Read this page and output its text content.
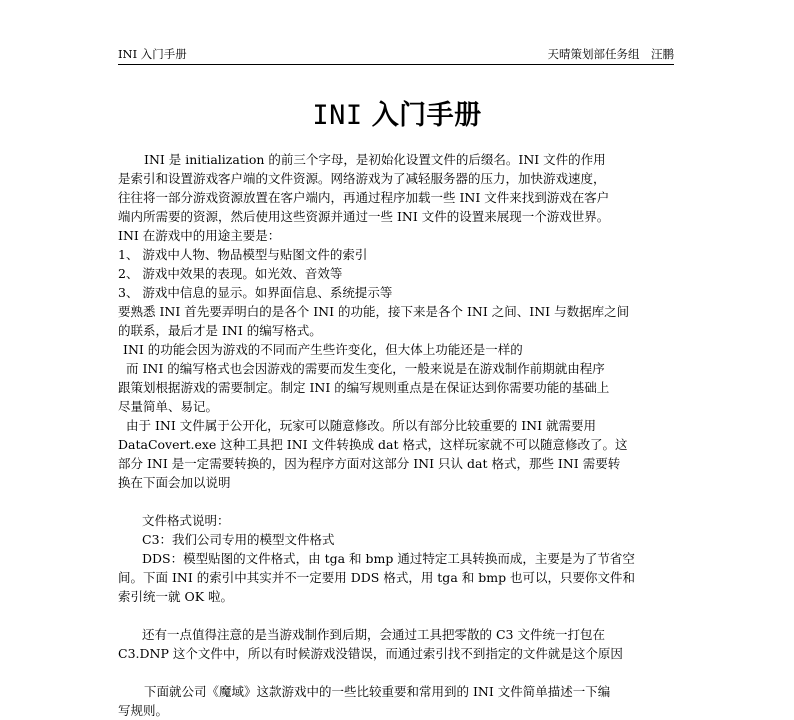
INI 入门手册	天晴策划部任务组　汪鹏
INI 入门手册
INI 是 initialization 的前三个字母，是初始化设置文件的后缀名。INI 文件的作用
是索引和设置游戏客户端的文件资源。网络游戏为了减轻服务器的压力，加快游戏速度，
往往将一部分游戏资源放置在客户端内，再通过程序加载一些 INI 文件来找到游戏在客户
端内所需要的资源，然后使用这些资源并通过一些 INI 文件的设置来展现一个游戏世界。
INI 在游戏中的用途主要是：
1、 游戏中人物、物品模型与贴图文件的索引
2、 游戏中效果的表现。如光效、音效等
3、 游戏中信息的显示。如界面信息、系统提示等
要熟悉 INI 首先要弄明白的是各个 INI 的功能，接下来是各个 INI 之间、INI 与数据库之间
的联系，最后才是 INI 的编写格式。
INI 的功能会因为游戏的不同而产生些许变化，但大体上功能还是一样的
而 INI 的编写格式也会因游戏的需要而发生变化，一般来说是在游戏制作前期就由程序
跟策划根据游戏的需要制定。制定 INI 的编写规则重点是在保证达到你需要功能的基础上
尽量简单、易记。
由于 INI 文件属于公开化，玩家可以随意修改。所以有部分比较重要的 INI 就需要用
DataCovert.exe 这种工具把 INI 文件转换成 dat 格式，这样玩家就不可以随意修改了。这
部分 INI 是一定需要转换的，因为程序方面对这部分 INI 只认 dat 格式，那些 INI 需要转
换在下面会加以说明
文件格式说明：
C3：我们公司专用的模型文件格式
DDS：模型贴图的文件格式，由 tga 和 bmp 通过特定工具转换而成，主要是为了节省空
间。下面 INI 的索引中其实并不一定要用 DDS 格式，用 tga 和 bmp 也可以，只要你文件和
索引统一就 OK 啦。
还有一点值得注意的是当游戏制作到后期，会通过工具把零散的 C3 文件统一打包在
C3.DNP 这个文件中，所以有时候游戏没错误，而通过索引找不到指定的文件就是这个原因
下面就公司《魔域》这款游戏中的一些比较重要和常用到的 INI 文件简单描述一下编
写规则。
